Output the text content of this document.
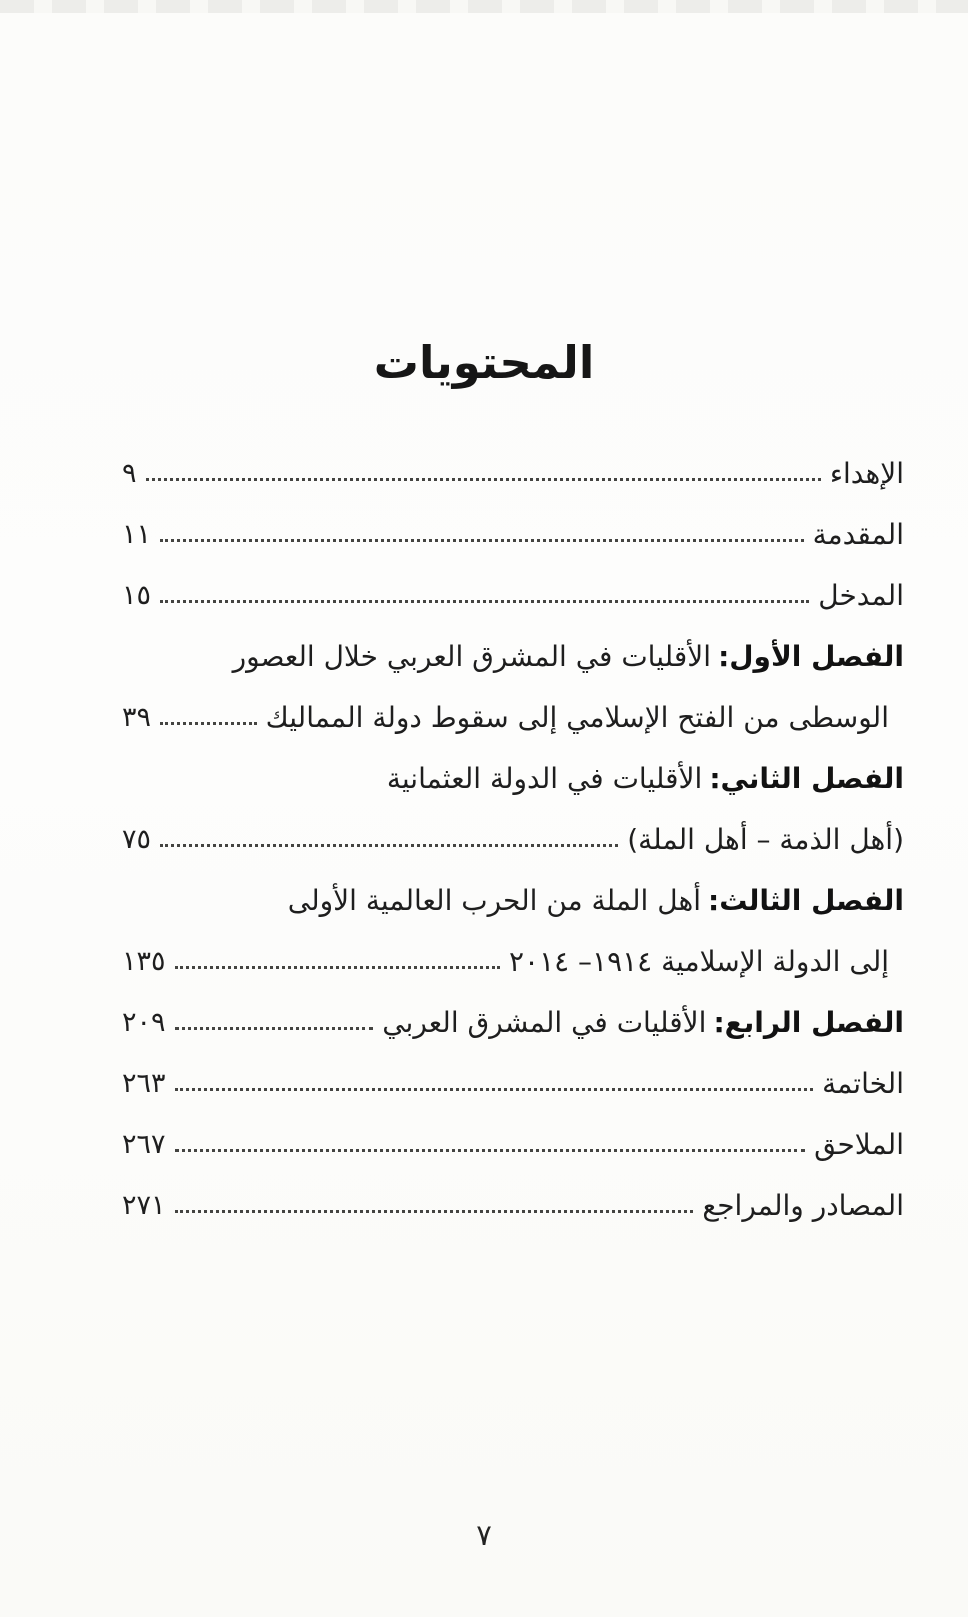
المحتويات
الإهداء
٩
المقدمة
١١
المدخل
١٥
الفصل الأول:الأقليات في المشرق العربي خلال العصور
الوسطى من الفتح الإسلامي إلى سقوط دولة المماليك
٣٩
الفصل الثاني:الأقليات في الدولة العثمانية
(أهل الذمة – أهل الملة)
٧٥
الفصل الثالث:أهل الملة من الحرب العالمية الأولى
إلى الدولة الإسلامية ١٩١٤– ٢٠١٤
١٣٥
الفصل الرابع:الأقليات في المشرق العربي
٢٠٩
الخاتمة
٢٦٣
الملاحق
٢٦٧
المصادر والمراجع
٢٧١
٧
